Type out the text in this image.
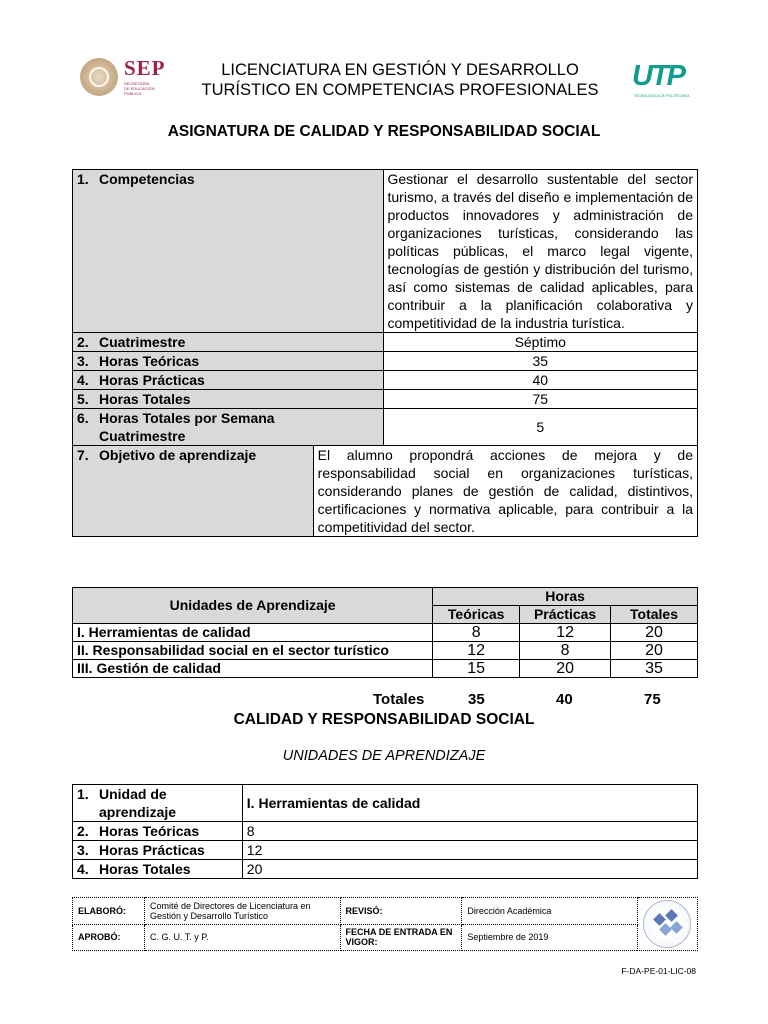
SEP
SECRETARÍA
DE EDUCACIÓN
PÚBLICA
LICENCIATURA EN GESTIÓN Y DESARROLLO
TURÍSTICO EN COMPETENCIAS PROFESIONALES	UTP
TECNOLÓGICA DE POLITÉCNICA
ASIGNATURA DE CALIDAD Y RESPONSABILIDAD SOCIAL
1. Competencias		Gestionar el desarrollo sustentable del sector turismo, a través del diseño e implementación de productos innovadores y administración de organizaciones turísticas, considerando las políticas públicas, el marco legal vigente, tecnologías de gestión y distribución del turismo, así como sistemas de calidad aplicables, para contribuir a la planificación colaborativa y competitividad de la industria turística.
2. Cuatrimestre		Séptimo
3. Horas Teóricas		35
4. Horas Prácticas		40
5. Horas Totales		75
6. Horas Totales por Semana
Cuatrimestre		5
7. Objetivo de aprendizaje	El alumno propondrá acciones de mejora y de responsabilidad social en organizaciones turísticas, considerando planes de gestión de calidad, distintivos, certificaciones y normativa aplicable, para contribuir a la competitividad del sector.	
Unidades de Aprendizaje	Horas		
	Teóricas	Prácticas	Totales
I. Herramientas de calidad	8	12	20
II. Responsabilidad social en el sector turístico	12	8	20
III. Gestión de calidad	15	20	35
Totales	35	40	75
CALIDAD Y RESPONSABILIDAD SOCIAL
UNIDADES DE APRENDIZAJE
1. Unidad de
aprendizaje	I. Herramientas de calidad
2. Horas Teóricas	8
3. Horas Prácticas	12
4. Horas Totales	20
ELABORÓ:	Comité de Directores de Licenciatura en Gestión y Desarrollo Turístico	REVISÓ:	Dirección Académica	

APROBÓ:	C. G. U. T. y P.	FECHA DE ENTRADA EN VIGOR:	Septiembre de 2019	
F-DA-PE-01-LIC-08
